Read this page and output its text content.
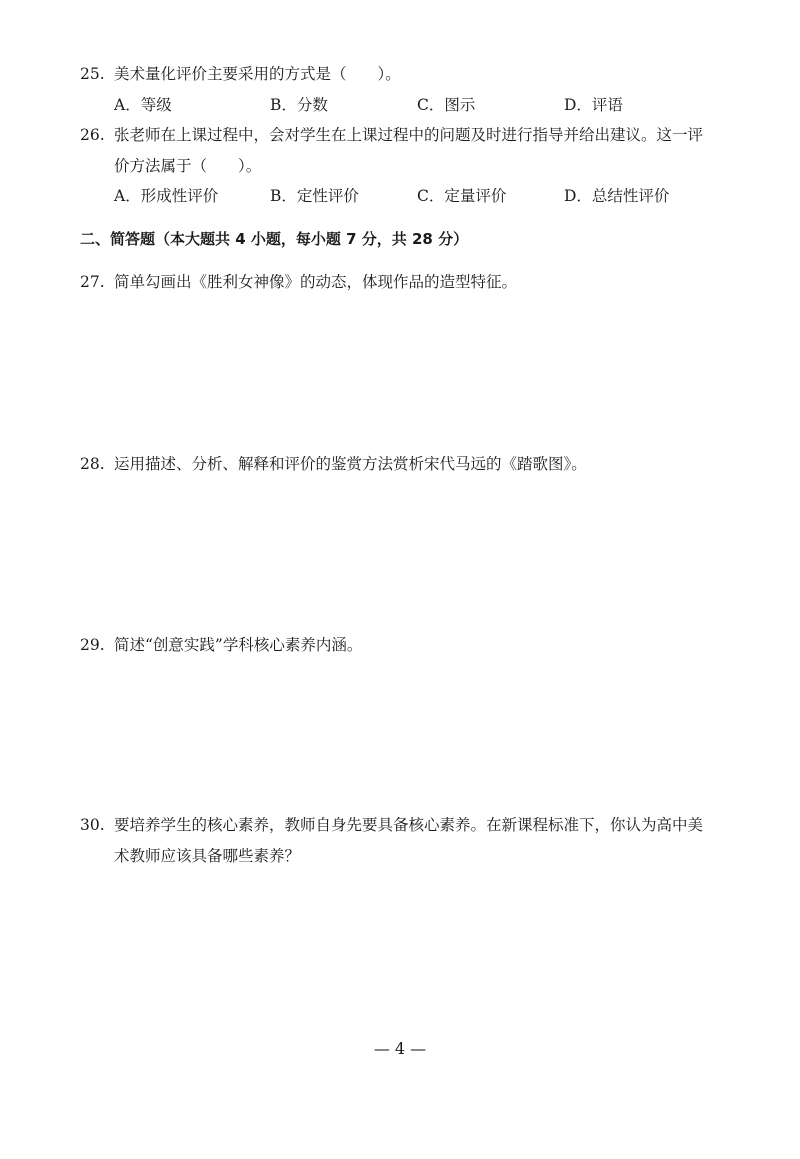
25. 美术量化评价主要采用的方式是（　　）。
A．等级	B．分数	C．图示	D．评语
26. 张老师在上课过程中，会对学生在上课过程中的问题及时进行指导并给出建议。这一评
价方法属于（　　）。
A．形成性评价	B．定性评价	C．定量评价	D．总结性评价
二、简答题（本大题共 4 小题，每小题 7 分，共 28 分）
27. 简单勾画出《胜利女神像》的动态，体现作品的造型特征。
28. 运用描述、分析、解释和评价的鉴赏方法赏析宋代马远的《踏歌图》。
29. 简述“创意实践”学科核心素养内涵。
30. 要培养学生的核心素养，教师自身先要具备核心素养。在新课程标准下，你认为高中美
术教师应该具备哪些素养？
— 4 —
